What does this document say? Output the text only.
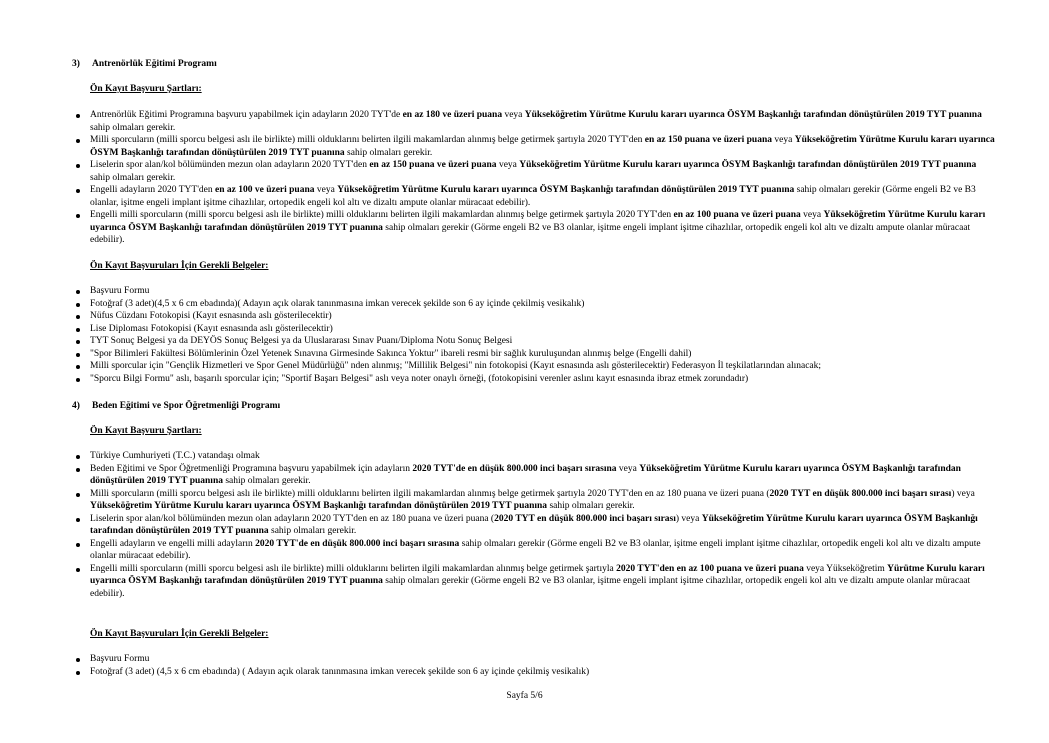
3) Antrenörlük Eğitimi Programı
Ön Kayıt Başvuru Şartları:
Antrenörlük Eğitimi Programına başvuru yapabilmek için adayların 2020 TYT'de en az 180 ve üzeri puana veya Yükseköğretim Yürütme Kurulu kararı uyarınca ÖSYM Başkanlığı tarafından dönüştürülen 2019 TYT puanına sahip olmaları gerekir.
Milli sporcuların (milli sporcu belgesi aslı ile birlikte) milli olduklarını belirten ilgili makamlardan alınmış belge getirmek şartıyla 2020 TYT'den en az 150 puana ve üzeri puana veya Yükseköğretim Yürütme Kurulu kararı uyarınca ÖSYM Başkanlığı tarafından dönüştürülen 2019 TYT puanına sahip olmaları gerekir.
Liselerin spor alan/kol bölümünden mezun olan adayların 2020 TYT'den en az 150 puana ve üzeri puana veya Yükseköğretim Yürütme Kurulu kararı uyarınca ÖSYM Başkanlığı tarafından dönüştürülen 2019 TYT puanına sahip olmaları gerekir.
Engelli adayların 2020 TYT'den en az 100 ve üzeri puana veya Yükseköğretim Yürütme Kurulu kararı uyarınca ÖSYM Başkanlığı tarafından dönüştürülen 2019 TYT puanına sahip olmaları gerekir (Görme engeli B2 ve B3 olanlar, işitme engeli implant işitme cihazlılar, ortopedik engeli kol altı ve dizaltı ampute olanlar müracaat edebilir).
Engelli milli sporcuların (milli sporcu belgesi aslı ile birlikte) milli olduklarını belirten ilgili makamlardan alınmış belge getirmek şartıyla 2020 TYT'den en az 100 puana ve üzeri puana veya Yükseköğretim Yürütme Kurulu kararı uyarınca ÖSYM Başkanlığı tarafından dönüştürülen 2019 TYT puanına sahip olmaları gerekir (Görme engeli B2 ve B3 olanlar, işitme engeli implant işitme cihazlılar, ortopedik engeli kol altı ve dizaltı ampute olanlar müracaat edebilir).
Ön Kayıt Başvuruları İçin Gerekli Belgeler:
Başvuru Formu
Fotoğraf (3 adet)(4,5 x 6 cm ebadında)( Adayın açık olarak tanınmasına imkan verecek şekilde son 6 ay içinde çekilmiş vesikalık)
Nüfus Cüzdanı Fotokopisi (Kayıt esnasında aslı gösterilecektir)
Lise Diploması Fotokopisi (Kayıt esnasında aslı gösterilecektir)
TYT Sonuç Belgesi ya da DEYÖS Sonuç Belgesi ya da Uluslararası Sınav Puanı/Diploma Notu Sonuç Belgesi
"Spor Bilimleri Fakültesi Bölümlerinin Özel Yetenek Sınavına Girmesinde Sakınca Yoktur" ibareli resmi bir sağlık kuruluşundan alınmış belge (Engelli dahil)
Milli sporcular için "Gençlik Hizmetleri ve Spor Genel Müdürlüğü" nden alınmış; "Millilik Belgesi" nin fotokopisi (Kayıt esnasında aslı gösterilecektir) Federasyon İl teşkilatlarından alınacak;
"Sporcu Bilgi Formu" aslı, başarılı sporcular için; "Sportif Başarı Belgesi" aslı veya noter onaylı örneği, (fotokopisini verenler aslını kayıt esnasında ibraz etmek zorundadır)
4) Beden Eğitimi ve Spor Öğretmenliği Programı
Ön Kayıt Başvuru Şartları:
Türkiye Cumhuriyeti (T.C.) vatandaşı olmak
Beden Eğitimi ve Spor Öğretmenliği Programına başvuru yapabilmek için adayların 2020 TYT'de en düşük 800.000 inci başarı sırasına veya Yükseköğretim Yürütme Kurulu kararı uyarınca ÖSYM Başkanlığı tarafından dönüştürülen 2019 TYT puanına sahip olmaları gerekir.
Milli sporcuların (milli sporcu belgesi aslı ile birlikte) milli olduklarını belirten ilgili makamlardan alınmış belge getirmek şartıyla 2020 TYT'den en az 180 puana ve üzeri puana (2020 TYT en düşük 800.000 inci başarı sırası) veya Yükseköğretim Yürütme Kurulu kararı uyarınca ÖSYM Başkanlığı tarafından dönüştürülen 2019 TYT puanına sahip olmaları gerekir.
Liselerin spor alan/kol bölümünden mezun olan adayların 2020 TYT'den en az 180 puana ve üzeri puana (2020 TYT en düşük 800.000 inci başarı sırası) veya Yükseköğretim Yürütme Kurulu kararı uyarınca ÖSYM Başkanlığı tarafından dönüştürülen 2019 TYT puanına sahip olmaları gerekir.
Engelli adayların ve engelli milli adayların 2020 TYT'de en düşük 800.000 inci başarı sırasına sahip olmaları gerekir (Görme engeli B2 ve B3 olanlar, işitme engeli implant işitme cihazlılar, ortopedik engeli kol altı ve dizaltı ampute olanlar müracaat edebilir).
Engelli milli sporcuların (milli sporcu belgesi aslı ile birlikte) milli olduklarını belirten ilgili makamlardan alınmış belge getirmek şartıyla 2020 TYT'den en az 100 puana ve üzeri puana veya Yükseköğretim Yürütme Kurulu kararı uyarınca ÖSYM Başkanlığı tarafından dönüştürülen 2019 TYT puanına sahip olmaları gerekir (Görme engeli B2 ve B3 olanlar, işitme engeli implant işitme cihazlılar, ortopedik engeli kol altı ve dizaltı ampute olanlar müracaat edebilir).
Ön Kayıt Başvuruları İçin Gerekli Belgeler:
Başvuru Formu
Fotoğraf (3 adet) (4,5 x 6 cm ebadında) ( Adayın açık olarak tanınmasına imkan verecek şekilde son 6 ay içinde çekilmiş vesikalık)
Sayfa 5/6
